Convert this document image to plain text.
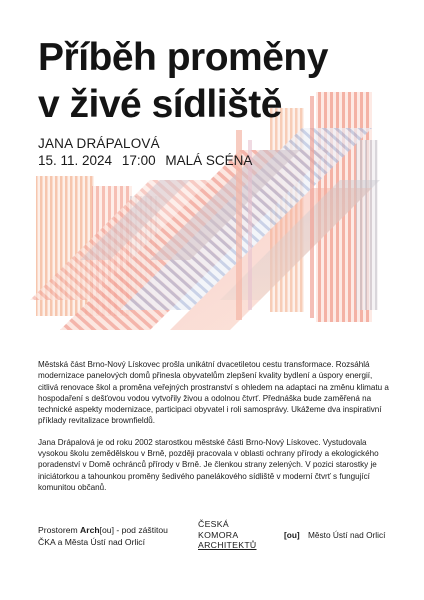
Příběh proměny
v živé sídliště
JANA DRÁPALOVÁ
15. 11. 2024 17:00 MALÁ SCÉNA

Městská část Brno-Nový Lískovec prošla unikátní dvacetiletou cestu transformace. Rozsáhlá modernizace panelových domů přinesla obyvatelům zlepšení kvality bydlení a úspory energií, citlivá renovace škol a proměna veřejných prostranství s ohledem na adaptaci na změnu klimatu a hospodaření s dešťovou vodou vytvořily živou a odolnou čtvrť. Přednáška bude zaměřená na technické aspekty modernizace, participaci obyvatel i roli samosprávy. Ukážeme dva inspirativní příklady revitalizace brownfieldů.

Jana Drápalová je od roku 2002 starostkou městské části Brno-Nový Lískovec. Vystudovala vysokou školu zemědělskou v Brně, později pracovala v oblasti ochrany přírody a ekologického poradenství v Domě ochránců přírody v Brně. Je členkou strany zelených. V pozici starostky je iniciátorkou a tahounkou proměny šedivého panelákového sídliště v moderní čtvrť s fungující komunitou občanů.

Prostorem Arch[ou] - pod záštitou
ČKA a Města Ústí nad Orlicí
ČESKÁ
KOMORA
ARCHITEKTŮ
[ou] Město Ústí nad Orlicí
